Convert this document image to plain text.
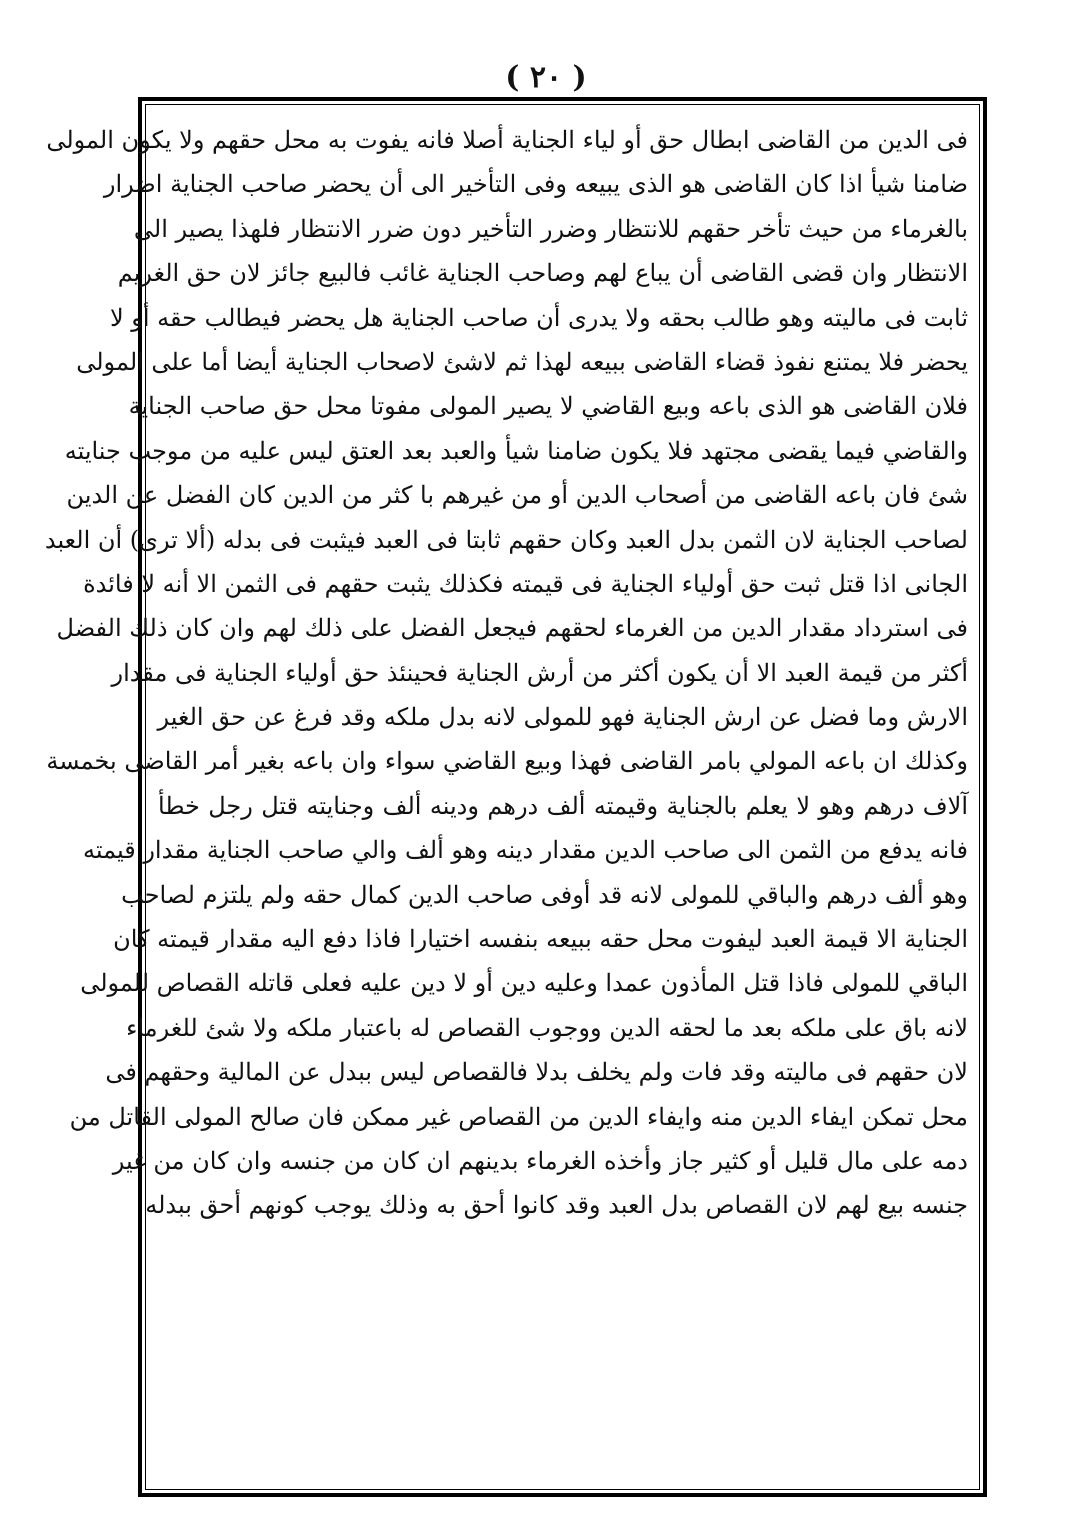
( ٢٠ )
فى الدين من القاضى ابطال حق أو لياء الجناية أصلا فانه يفوت به محل حقهم ولا يكون المولى
ضامنا شيأ اذا كان القاضى هو الذى يبيعه وفى التأخير الى أن يحضر صاحب الجناية اضرار
بالغرماء من حيث تأخر حقهم للانتظار وضرر التأخير دون ضرر الانتظار فلهذا يصير الى
الانتظار وان قضى القاضى أن يباع لهم وصاحب الجناية غائب فالبيع جائز لان حق الغريم
ثابت فى ماليته وهو طالب بحقه ولا يدرى أن صاحب الجناية هل يحضر فيطالب حقه أو لا
يحضر فلا يمتنع نفوذ قضاء القاضى ببيعه لهذا ثم لاشئ لاصحاب الجناية أيضا أما على المولى
فلان القاضى هو الذى باعه وبيع القاضي لا يصير المولى مفوتا محل حق صاحب الجناية
والقاضي فيما يقضى مجتهد فلا يكون ضامنا شيأ والعبد بعد العتق ليس عليه من موجب جنايته
شئ فان باعه القاضى من أصحاب الدين أو من غيرهم با كثر من الدين كان الفضل عن الدين
لصاحب الجناية لان الثمن بدل العبد وكان حقهم ثابتا فى العبد فيثبت فى بدله (ألا ترى) أن العبد
الجانى اذا قتل ثبت حق أولياء الجناية فى قيمته فكذلك يثبت حقهم فى الثمن الا أنه لا فائدة
فى استرداد مقدار الدين من الغرماء لحقهم فيجعل الفضل على ذلك لهم وان كان ذلك الفضل
أكثر من قيمة العبد الا أن يكون أكثر من أرش الجناية فحينئذ حق أولياء الجناية فى مقدار
الارش وما فضل عن ارش الجناية فهو للمولى لانه بدل ملكه وقد فرغ عن حق الغير
وكذلك ان باعه المولي بامر القاضى فهذا وبيع القاضي سواء وان باعه بغير أمر القاضى بخمسة
آلاف درهم وهو لا يعلم بالجناية وقيمته ألف درهم ودينه ألف وجنايته قتل رجل خطأ
فانه يدفع من الثمن الى صاحب الدين مقدار دينه وهو ألف والي صاحب الجناية مقدار قيمته
وهو ألف درهم والباقي للمولى لانه قد أوفى صاحب الدين كمال حقه ولم يلتزم لصاحب
الجناية الا قيمة العبد ليفوت محل حقه ببيعه بنفسه اختيارا فاذا دفع اليه مقدار قيمته كان
الباقي للمولى فاذا قتل المأذون عمدا وعليه دين أو لا دين عليه فعلى قاتله القصاص للمولى
لانه باق على ملكه بعد ما لحقه الدين ووجوب القصاص له باعتبار ملكه ولا شئ للغرماء
لان حقهم فى ماليته وقد فات ولم يخلف بدلا فالقصاص ليس ببدل عن المالية وحقهم فى
محل تمكن ايفاء الدين منه وايفاء الدين من القصاص غير ممكن فان صالح المولى القاتل من
دمه على مال قليل أو كثير جاز وأخذه الغرماء بدينهم ان كان من جنسه وان كان من غير
جنسه بيع لهم لان القصاص بدل العبد وقد كانوا أحق به وذلك يوجب كونهم أحق ببدله
